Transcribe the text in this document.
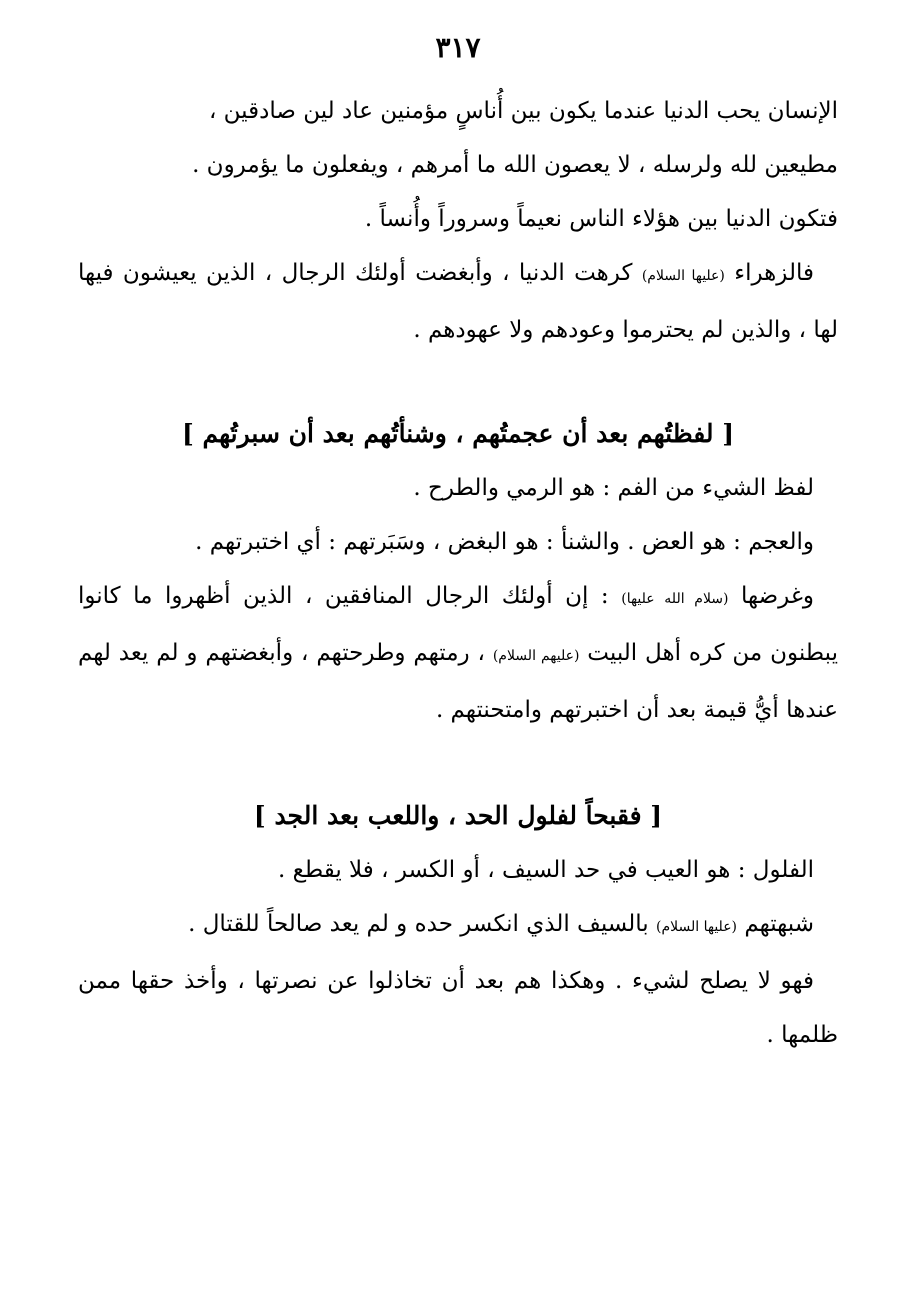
٣١٧

الإنسان يحب الدنيا عندما يكون بين أُناسٍ مؤمنين عاد لين صادقين ،

مطيعين لله ولرسله ، لا يعصون الله ما أمرهم ، ويفعلون ما يؤمرون .

فتكون الدنيا بين هؤلاء الناس نعيماً وسروراً وأُنساً .

فالزهراء (عليها السلام) كرهت الدنيا ، وأبغضت أولئك الرجال ، الذين يعيشون فيها لها ، والذين لم يحترموا وعودهم ولا عهودهم .

[ لفظتُهم بعد أن عجمتُهم ، وشنأتُهم بعد أن سبرتُهم ]

لفظ الشيء من الفم : هو الرمي والطرح .

والعجم : هو العض . والشنأ : هو البغض ، وسَبَرتهم : أي اختبرتهم .

وغرضها (سلام الله عليها) : إن أولئك الرجال المنافقين ، الذين أظهروا ما كانوا يبطنون من كره أهل البيت (عليهم السلام) ، رمتهم وطرحتهم ، وأبغضتهم و لم يعد لهم عندها أيُّ قيمة بعد أن اختبرتهم وامتحنتهم .

[ فقبحاً لفلول الحد ، واللعب بعد الجد ]

الفلول : هو العيب في حد السيف ، أو الكسر ، فلا يقطع .

شبهتهم (عليها السلام) بالسيف الذي انكسر حده و لم يعد صالحاً للقتال .

فهو لا يصلح لشيء . وهكذا هم بعد أن تخاذلوا عن نصرتها ، وأخذ حقها ممن ظلمها .
